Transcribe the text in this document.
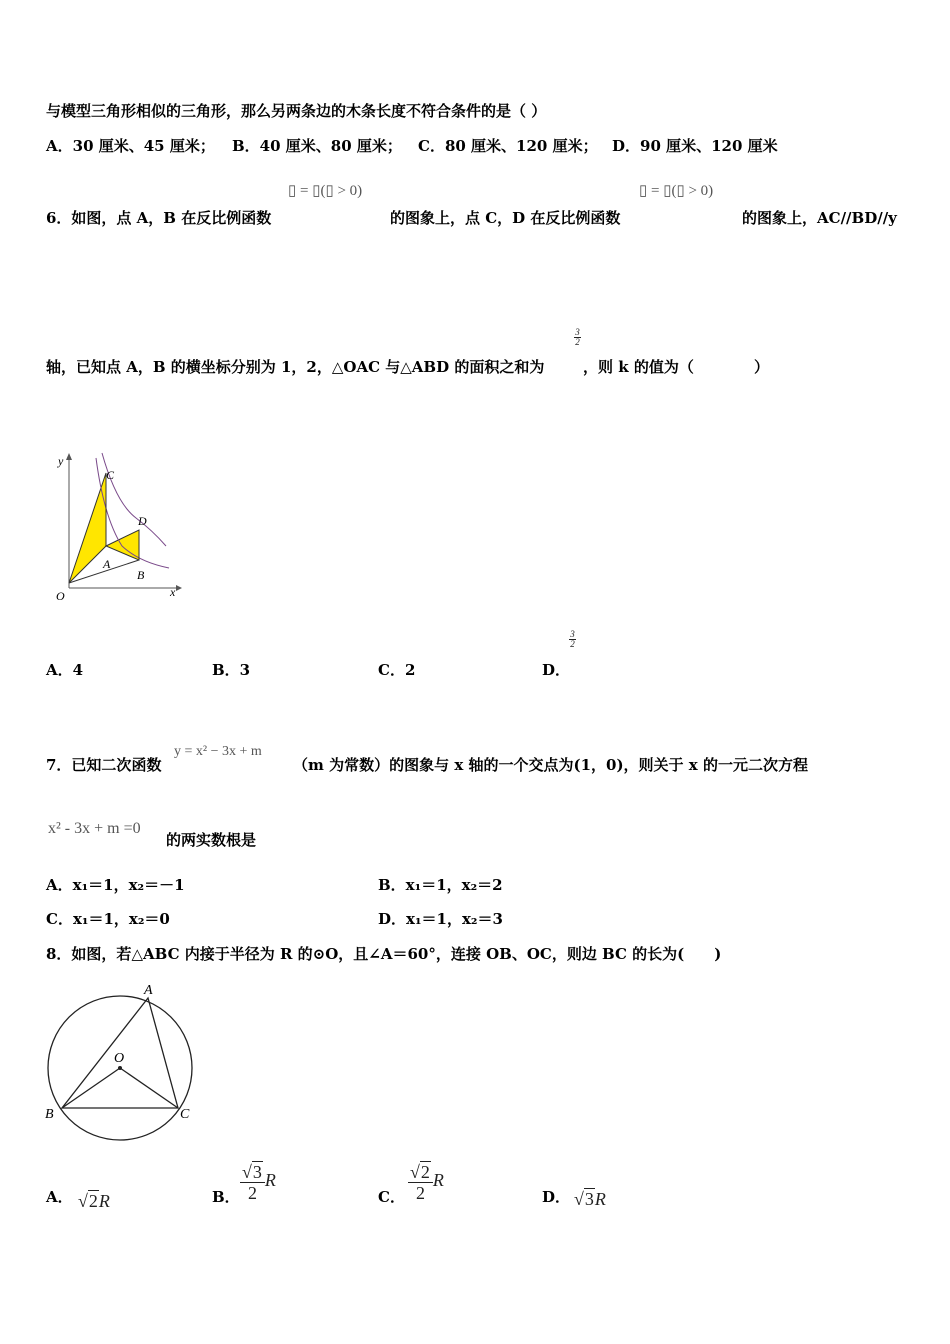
与模型三角形相似的三角形，那么另两条边的木条长度不符合条件的是（ ）
A．30 厘米、45 厘米； B．40 厘米、80 厘米； C．80 厘米、120 厘米； D．90 厘米、120 厘米
▯ = ▯(▯ > 0)	▯ = ▯(▯ > 0)
6．如图，点 A，B 在反比例函数	的图象上，点 C，D 在反比例函数	的图象上，AC//BD//y
3
2
轴，已知点 A，B 的横坐标分别为 1，2，△OAC 与△ABD 的面积之和为	，则 k 的值为（	）
y
C
D
A
B
O	x
3
2
A．4	B．3	C．2	D．
7．已知二次函数
y = x² − 3x + m
（m 为常数）的图象与 x 轴的一个交点为(1，0)，则关于 x 的一元二次方程
x² - 3x + m =0
的两实数根是
A．x₁＝1，x₂＝－1	B．x₁＝1，x₂＝2
C．x₁＝1，x₂＝0	D．x₁＝1，x₂＝3
8．如图，若△ABC 内接于半径为 R 的⊙O，且∠A＝60°，连接 OB、OC，则边 BC 的长为(　　)
A
O
B	C
A． √2R	B． $\frac{√3}{2}$ R
C． $\frac{√2}{2}$ R
D． √3R
